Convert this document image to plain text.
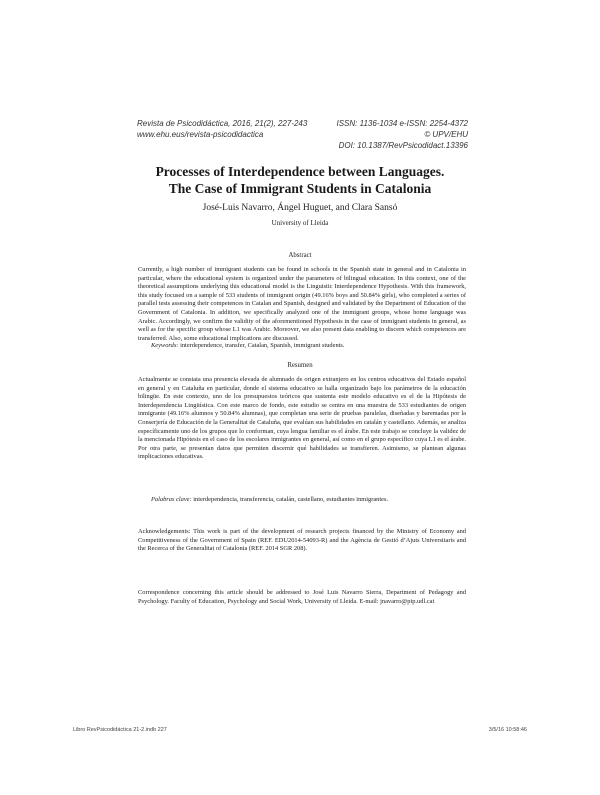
Revista de Psicodidáctica, 2016, 21(2), 227-243
www.ehu.eus/revista-psicodidactica
ISSN: 1136-1034 e-ISSN: 2254-4372
© UPV/EHU
DOI: 10.1387/RevPsicodidact.13396
Processes of Interdependence between Languages.
The Case of Immigrant Students in Catalonia
José-Luis Navarro, Ángel Huguet, and Clara Sansó
University of Lleida
Abstract
Currently, a high number of immigrant students can be found in schools in the Spanish state in general and in Catalonia in particular, where the educational system is organized under the parameters of bilingual education. In this context, one of the theoretical assumptions underlying this educational model is the Linguistic Interdependence Hypothesis. With this framework, this study focused on a sample of 533 students of immigrant origin (49.16% boys and 50.84% girls), who completed a series of parallel tests assessing their competences in Catalan and Spanish, designed and validated by the Department of Education of the Government of Catalonia. In addition, we specifically analyzed one of the immigrant groups, whose home language was Arabic. Accordingly, we confirm the validity of the aforementioned Hypothesis in the case of immigrant students in general, as well as for the specific group whose L1 was Arabic. Moreover, we also present data enabling to discern which competences are transferred. Also, some educational implications are discussed.
Keywords: interdependence, transfer, Catalan, Spanish, immigrant students.
Resumen
Actualmente se constata una presencia elevada de alumnado de origen extranjero en los centros educativos del Estado español en general y en Cataluña en particular, donde el sistema educativo se halla organizado bajo los parámetros de la educación bilingüe. En este contexto, uno de los presupuestos teóricos que sustenta este modelo educativo es el de la Hipótesis de Interdependencia Lingüística. Con este marco de fondo, este estudio se centra en una muestra de 533 estudiantes de origen inmigrante (49.16% alumnos y 50.84% alumnas), que completan una serie de pruebas paralelas, diseñadas y baremadas por la Conserjería de Educación de la Generalitat de Cataluña, que evalúan sus habilidades en catalán y castellano. Además, se analiza específicamente uno de los grupos que lo conforman, cuya lengua familiar es el árabe. En este trabajo se concluye la validez de la mencionada Hipótesis en el caso de los escolares inmigrantes en general, así como en el grupo específico cuya L1 es el árabe. Por otra parte, se presentan datos que permiten discernir qué habilidades se transfieren. Asimismo, se plantean algunas implicaciones educativas.
Palabras clave: interdependencia, transferencia, catalán, castellano, estudiantes inmigrantes.
Acknowledgements: This work is part of the development of research projects financed by the Ministry of Economy and Competitiveness of the Government of Spain (REF. EDU2014-54093-R) and the Agència de Gestió d’Ajuts Universitaris and the Recerca of the Generalitat of Catalonia (REF. 2014 SGR 208).
Correspondence concerning this article should be addressed to José Luis Navarro Sierra, Department of Pedagogy and Psychology. Faculty of Education, Psychology and Social Work, University of Lleida. E-mail: jnavarro@pip.udl.cat
Libro RevPsicodidáctica 21-2.indb 227	3/5/16 10:58:46
